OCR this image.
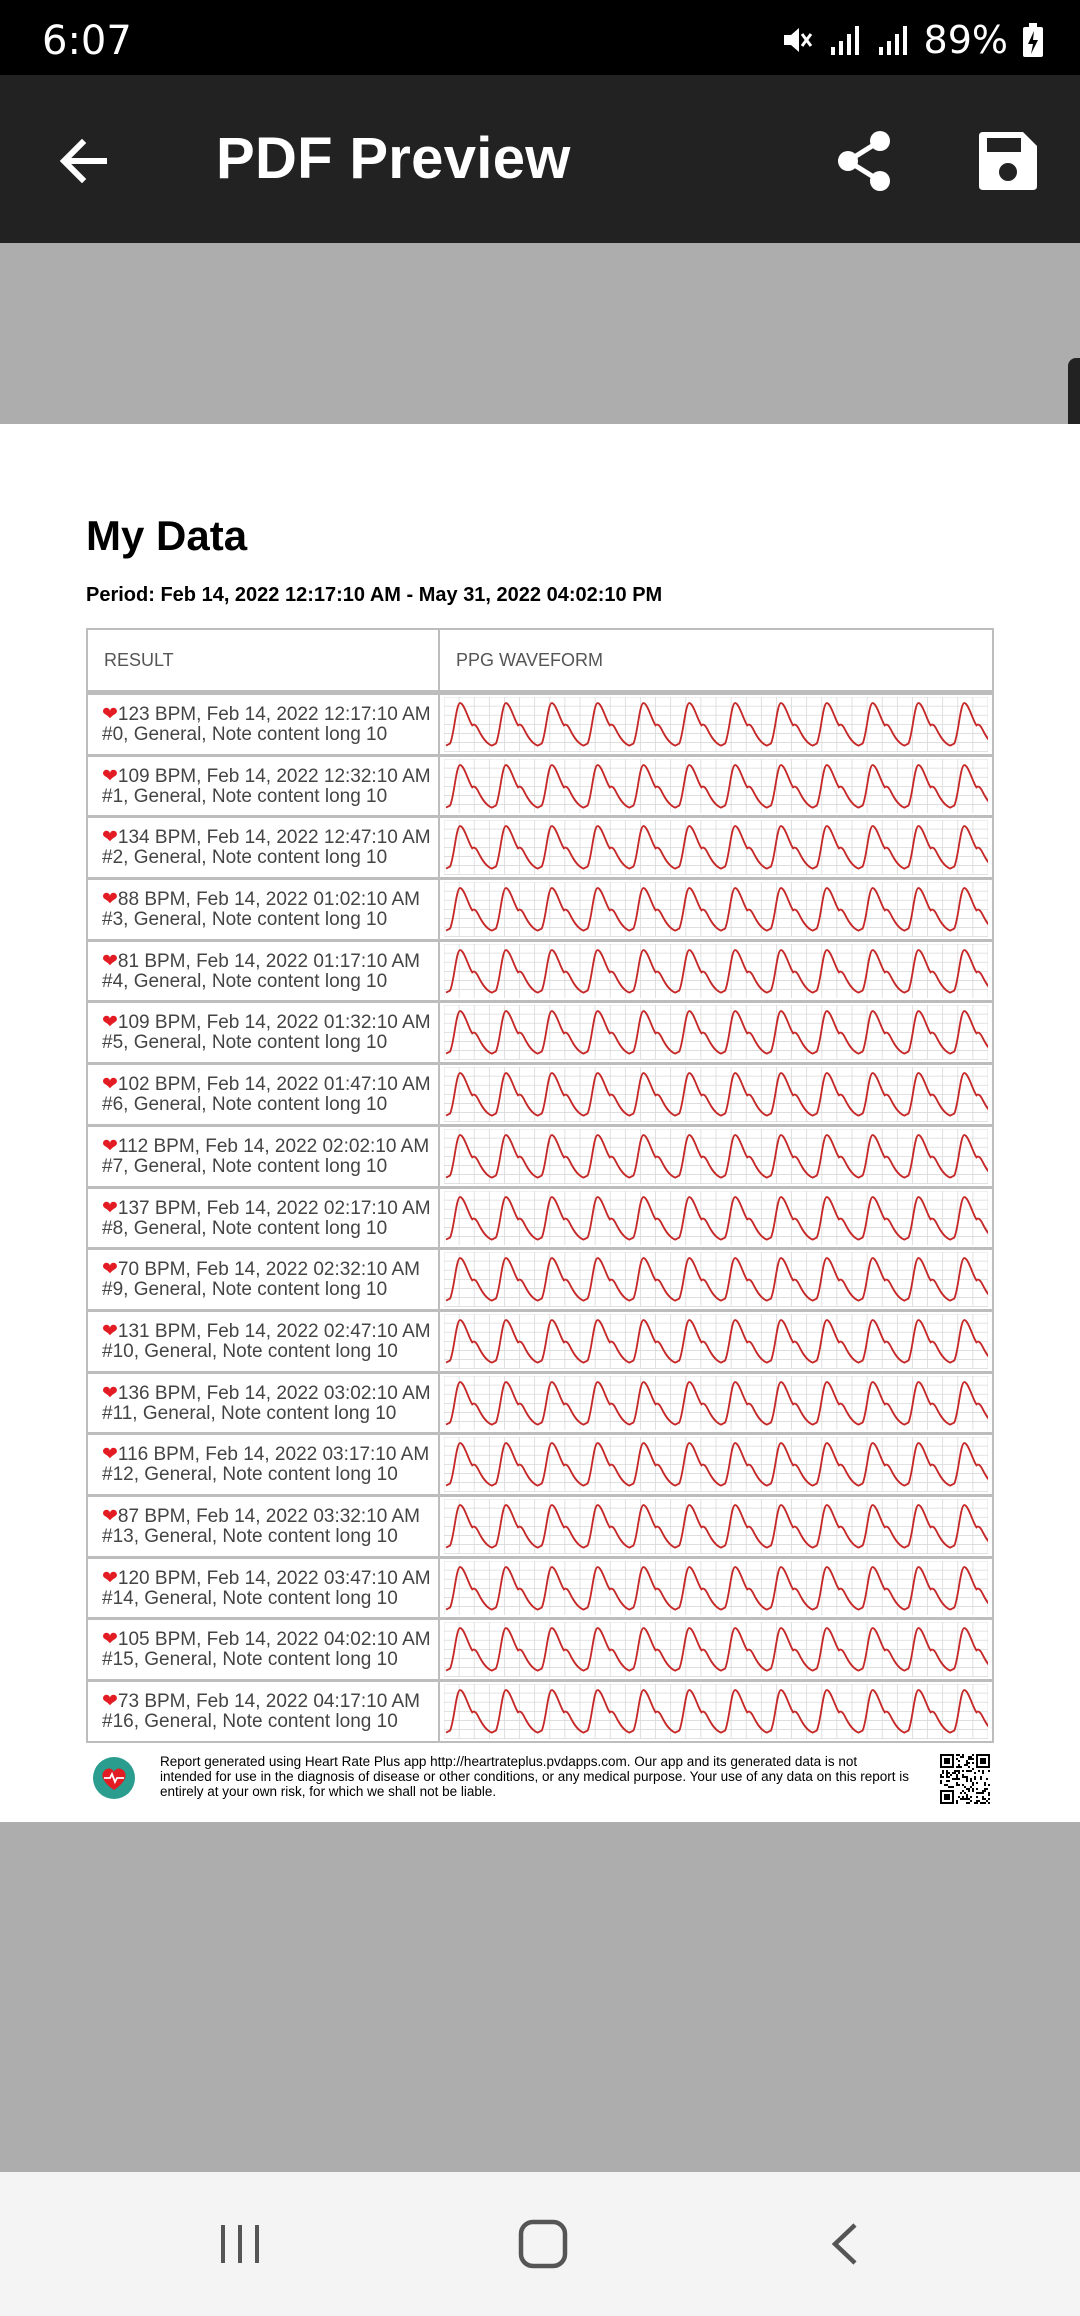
6:07	89%
PDF Preview
My Data
Period: Feb 14, 2022 12:17:10 AM - May 31, 2022 04:02:10 PM
RESULT	PPG WAVEFORM
❤123 BPM, Feb 14, 2022 12:17:10 AM
#0, General, Note content long 10
❤109 BPM, Feb 14, 2022 12:32:10 AM
#1, General, Note content long 10
❤134 BPM, Feb 14, 2022 12:47:10 AM
#2, General, Note content long 10
❤88 BPM, Feb 14, 2022 01:02:10 AM
#3, General, Note content long 10
❤81 BPM, Feb 14, 2022 01:17:10 AM
#4, General, Note content long 10
❤109 BPM, Feb 14, 2022 01:32:10 AM
#5, General, Note content long 10
❤102 BPM, Feb 14, 2022 01:47:10 AM
#6, General, Note content long 10
❤112 BPM, Feb 14, 2022 02:02:10 AM
#7, General, Note content long 10
❤137 BPM, Feb 14, 2022 02:17:10 AM
#8, General, Note content long 10
❤70 BPM, Feb 14, 2022 02:32:10 AM
#9, General, Note content long 10
❤131 BPM, Feb 14, 2022 02:47:10 AM
#10, General, Note content long 10
❤136 BPM, Feb 14, 2022 03:02:10 AM
#11, General, Note content long 10
❤116 BPM, Feb 14, 2022 03:17:10 AM
#12, General, Note content long 10
❤87 BPM, Feb 14, 2022 03:32:10 AM
#13, General, Note content long 10
❤120 BPM, Feb 14, 2022 03:47:10 AM
#14, General, Note content long 10
❤105 BPM, Feb 14, 2022 04:02:10 AM
#15, General, Note content long 10
❤73 BPM, Feb 14, 2022 04:17:10 AM
#16, General, Note content long 10
Report generated using Heart Rate Plus app http://heartrateplus.pvdapps.com. Our app and its generated data is not intended for use in the diagnosis of disease or other conditions, or any medical purpose. Your use of any data on this report is entirely at your own risk, for which we shall not be liable.
